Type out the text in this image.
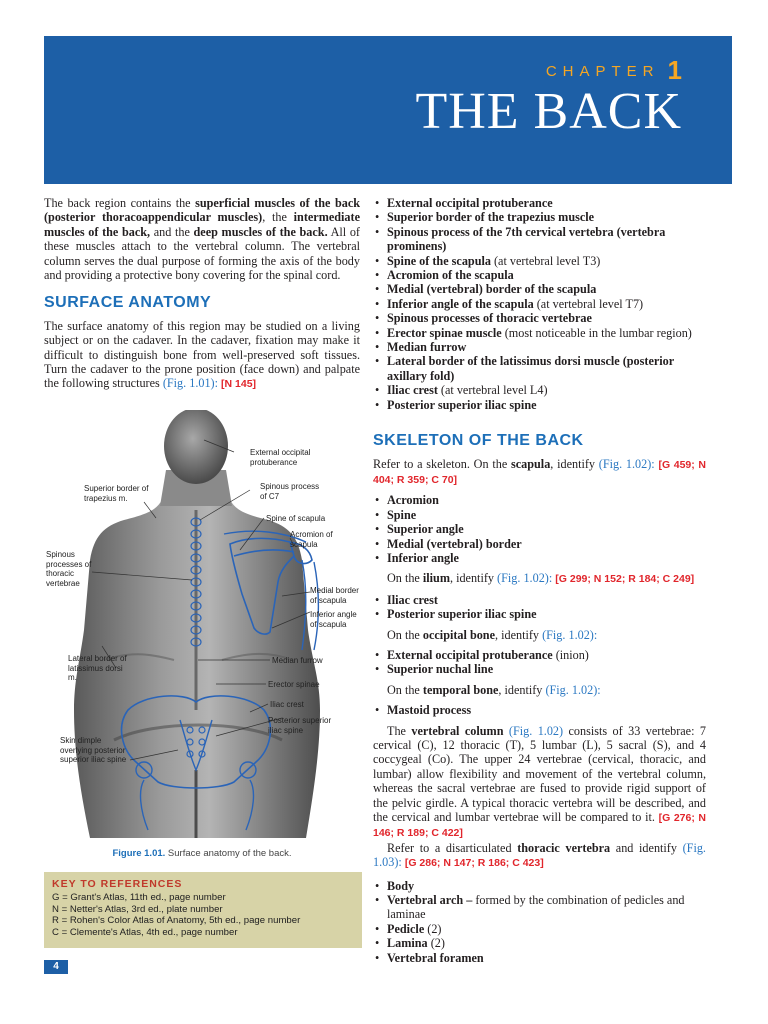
CHAPTER 1
THE BACK

The back region contains the superficial muscles of the back (posterior thoracoappendicular muscles), the intermediate muscles of the back, and the deep muscles of the back. All of these muscles attach to the vertebral column. The vertebral column serves the dual purpose of forming the axis of the body and providing a protective bony covering for the spinal cord.

SURFACE ANATOMY

The surface anatomy of this region may be studied on a living subject or on the cadaver. In the cadaver, fixation may make it difficult to distinguish bone from well-preserved soft tissues. Turn the cadaver to the prone position (face down) and palpate the following structures (Fig. 1.01): [N 145]

External occipital protuberance
Superior border of trapezius m.
Spinous process of C7
Spine of scapula
Acromion of scapula
Spinous processes of thoracic vertebrae
Medial border of scapula
Inferior angle of scapula
Lateral border of latissimus dorsi m.
Median furrow
Erector spinae
Iliac crest
Posterior superior iliac spine
Skin dimple overlying posterior superior iliac spine
Figure 1.01. Surface anatomy of the back.
KEY TO REFERENCES
G = Grant's Atlas, 11th ed., page number
N = Netter's Atlas, 3rd ed., plate number
R = Rohen's Color Atlas of Anatomy, 5th ed., page number
C = Clemente's Atlas, 4th ed., page number
4
• External occipital protuberance
• Superior border of the trapezius muscle
• Spinous process of the 7th cervical vertebra (vertebra prominens)
• Spine of the scapula (at vertebral level T3)
• Acromion of the scapula
• Medial (vertebral) border of the scapula
• Inferior angle of the scapula (at vertebral level T7)
• Spinous processes of thoracic vertebrae
• Erector spinae muscle (most noticeable in the lumbar region)
• Median furrow
• Lateral border of the latissimus dorsi muscle (posterior axillary fold)
• Iliac crest (at vertebral level L4)
• Posterior superior iliac spine
SKELETON OF THE BACK

Refer to a skeleton. On the scapula, identify (Fig. 1.02): [G 459; N 404; R 359; C 70]

• Acromion
• Spine
• Superior angle
• Medial (vertebral) border
• Inferior angle

On the ilium, identify (Fig. 1.02): [G 299; N 152; R 184; C 249]

• Iliac crest
• Posterior superior iliac spine

On the occipital bone, identify (Fig. 1.02):

• External occipital protuberance (inion)
• Superior nuchal line

On the temporal bone, identify (Fig. 1.02):

• Mastoid process

The vertebral column (Fig. 1.02) consists of 33 vertebrae: 7 cervical (C), 12 thoracic (T), 5 lumbar (L), 5 sacral (S), and 4 coccygeal (Co). The upper 24 vertebrae (cervical, thoracic, and lumbar) allow flexibility and movement of the vertebral column, whereas the sacral vertebrae are fused to provide rigid support of the pelvic girdle. A typical thoracic vertebra will be described, and the cervical and lumbar vertebrae will be compared to it. [G 276; N 146; R 189; C 422]

Refer to a disarticulated thoracic vertebra and identify (Fig. 1.03): [G 286; N 147; R 186; C 423]

• Body
• Vertebral arch – formed by the combination of pedicles and laminae
• Pedicle (2)
• Lamina (2)
• Vertebral foramen
